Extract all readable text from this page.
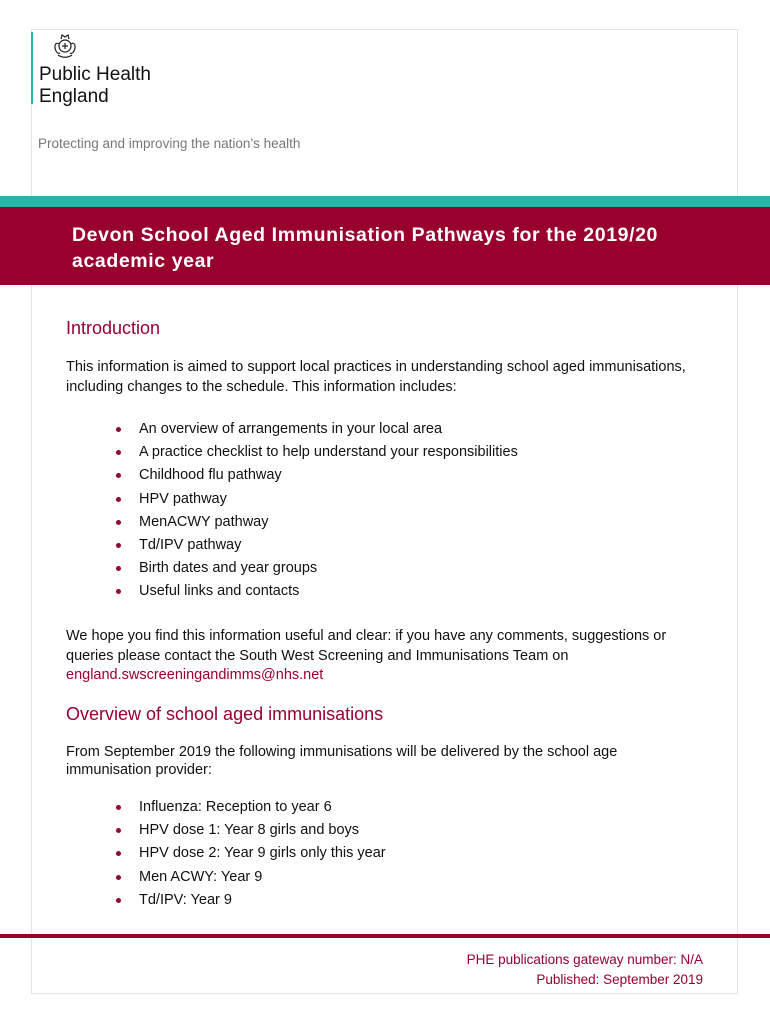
Public Health
England
Protecting and improving the nation’s health
Devon School Aged Immunisation Pathways for the 2019/20 academic year
Introduction
This information is aimed to support local practices in understanding school aged immunisations, including changes to the schedule. This information includes:
An overview of arrangements in your local area
A practice checklist to help understand your responsibilities
Childhood flu pathway
HPV pathway
MenACWY pathway
Td/IPV pathway
Birth dates and year groups
Useful links and contacts
We hope you find this information useful and clear: if you have any comments, suggestions or queries please contact the South West Screening and Immunisations Team on
england.swscreeningandimms@nhs.net
Overview of school aged immunisations
From September 2019 the following immunisations will be delivered by the school age immunisation provider:
Influenza: Reception to year 6
HPV dose 1: Year 8 girls and boys
HPV dose 2: Year 9 girls only this year
Men ACWY: Year 9
Td/IPV: Year 9
PHE publications gateway number: N/A
Published: September 2019
